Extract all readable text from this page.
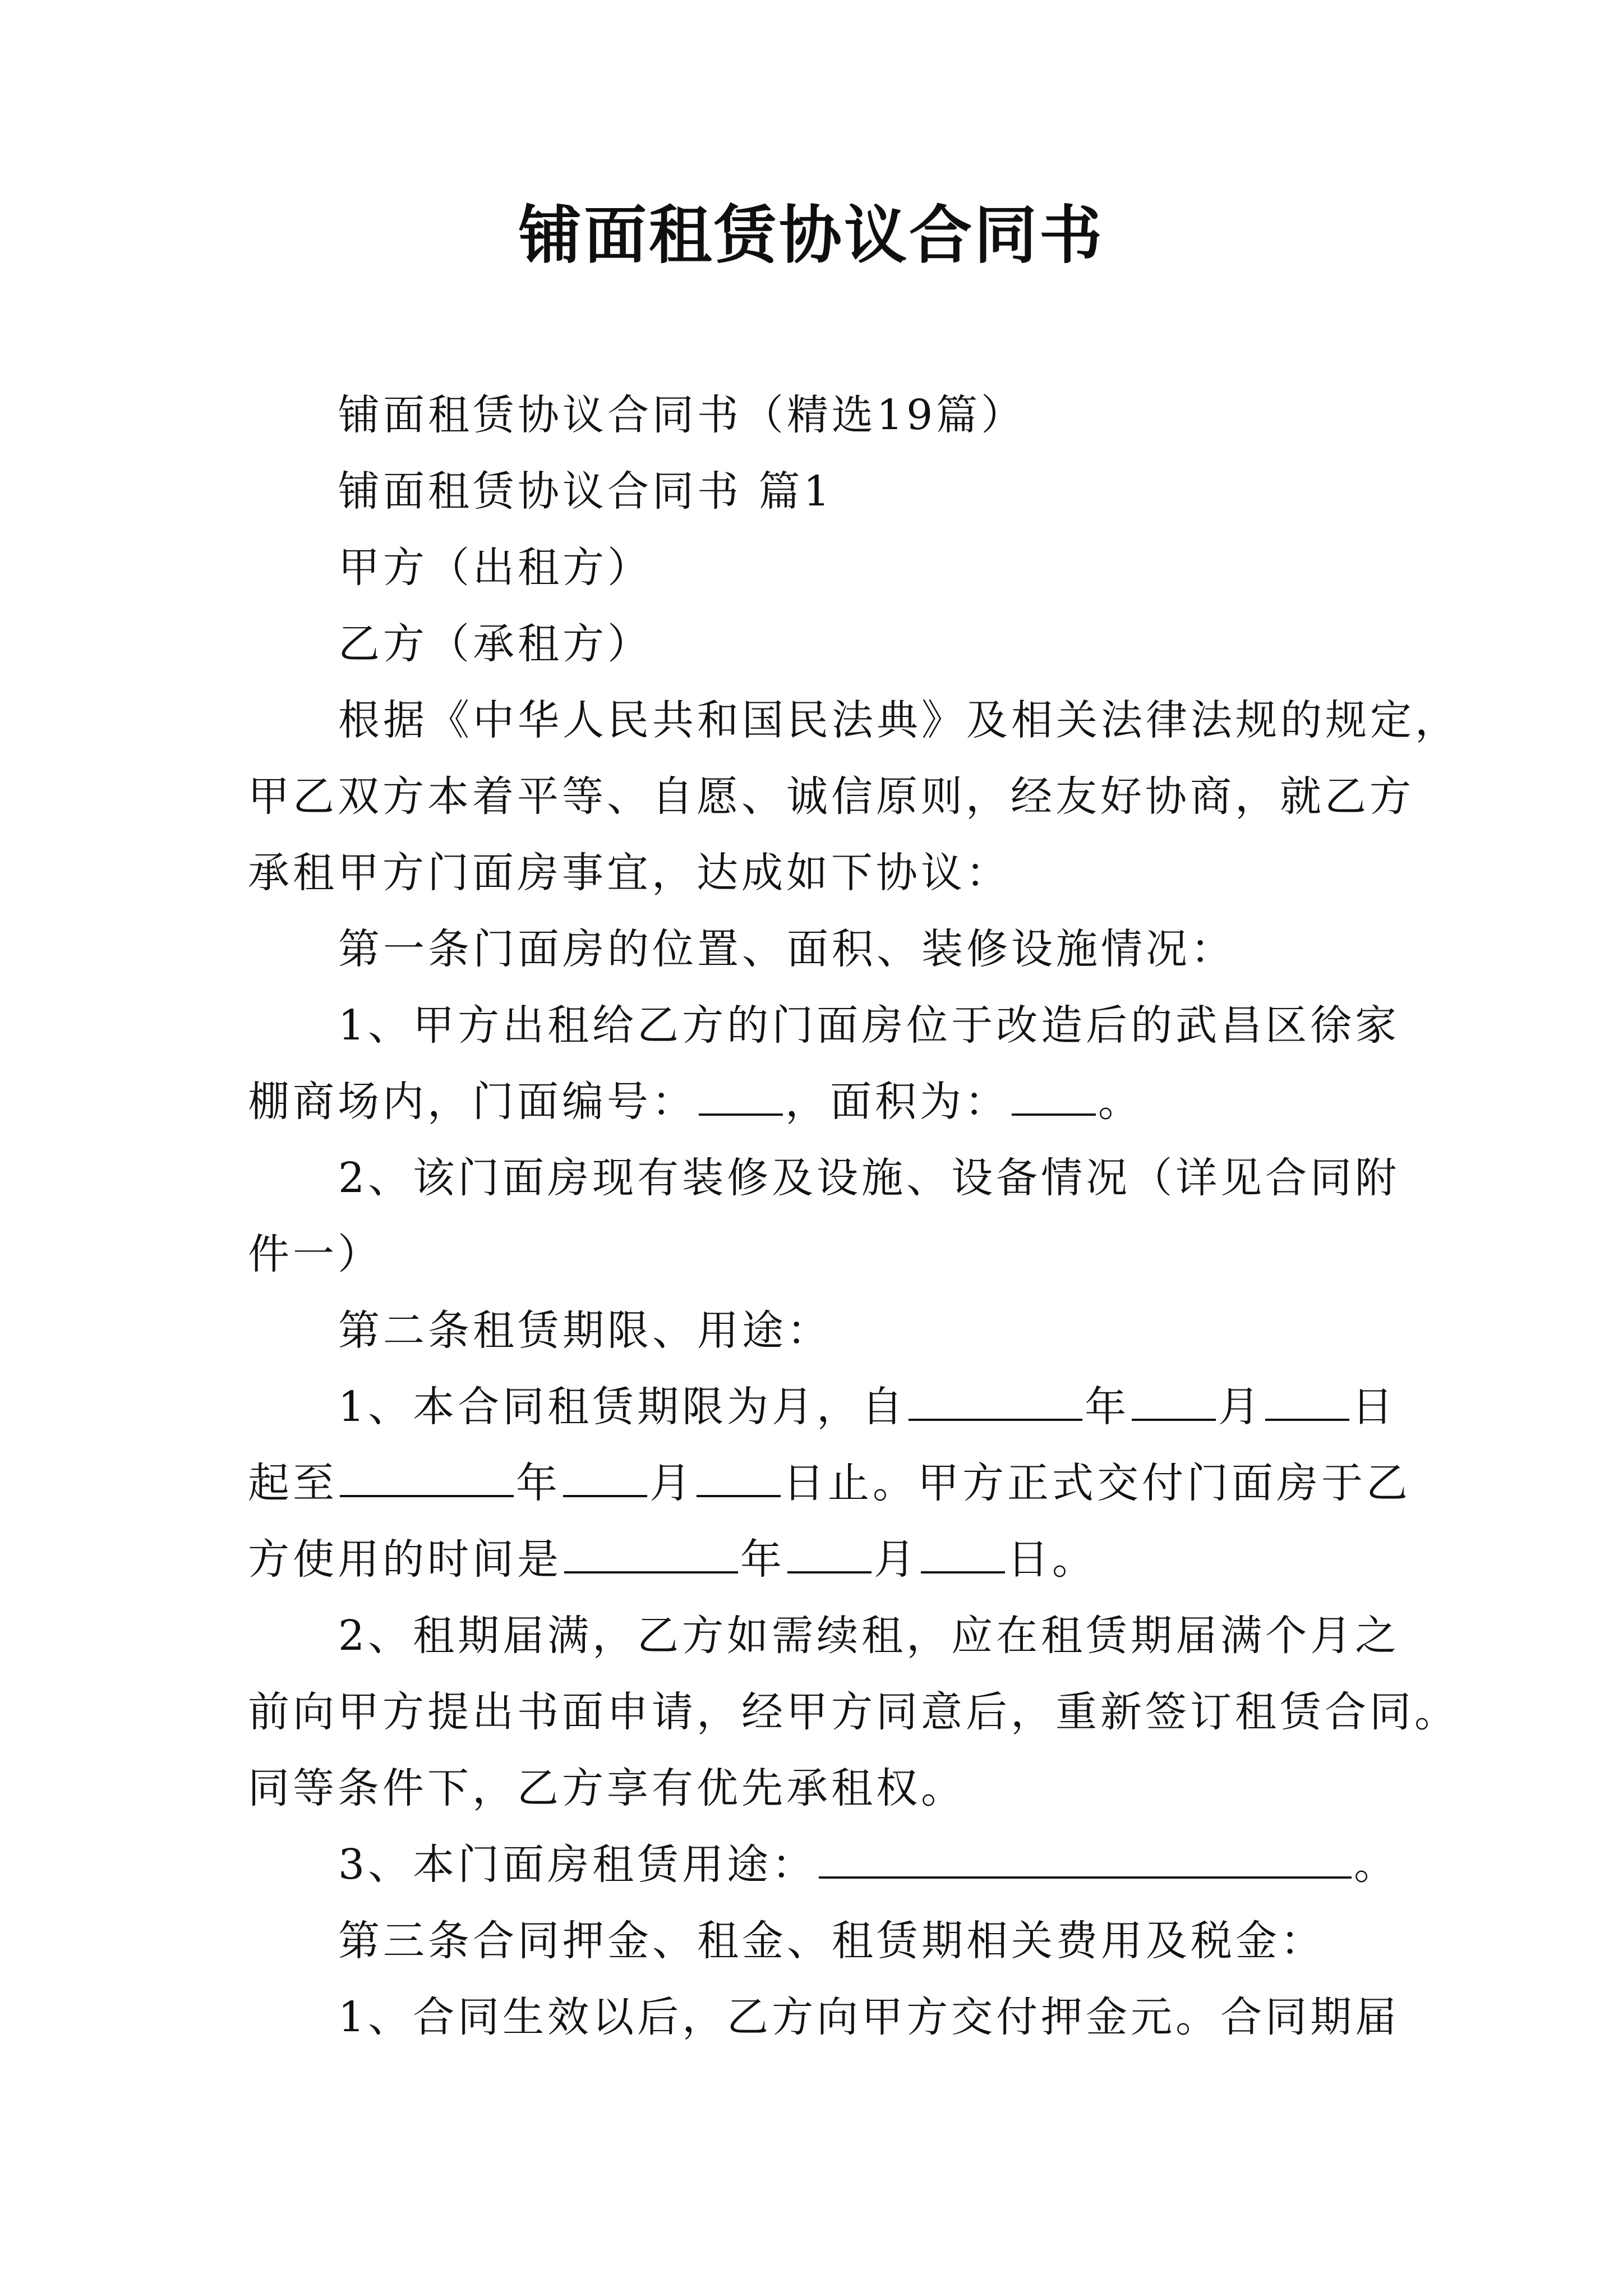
铺面租赁协议合同书
铺面租赁协议合同书（精选19篇）
铺面租赁协议合同书 篇1
甲方（出租方）
乙方（承租方）
根据《中华人民共和国民法典》及相关法律法规的规定，
甲乙双方本着平等、自愿、诚信原则，经友好协商，就乙方
承租甲方门面房事宜，达成如下协议：
第一条门面房的位置、面积、装修设施情况：
1、甲方出租给乙方的门面房位于改造后的武昌区徐家
棚商场内，门面编号： ，面积为： 。
2、该门面房现有装修及设施、设备情况（详见合同附
件一）
第二条租赁期限、用途：
1、本合同租赁期限为月，自	年 月 日
起至	年 月 日止。甲方正式交付门面房于乙
方使用的时间是	年 月 日。
2、租期届满，乙方如需续租，应在租赁期届满个月之
前向甲方提出书面申请，经甲方同意后，重新签订租赁合同。
同等条件下，乙方享有优先承租权。
3、本门面房租赁用途：	。
第三条合同押金、租金、租赁期相关费用及税金：
1、合同生效以后，乙方向甲方交付押金元。合同期届
